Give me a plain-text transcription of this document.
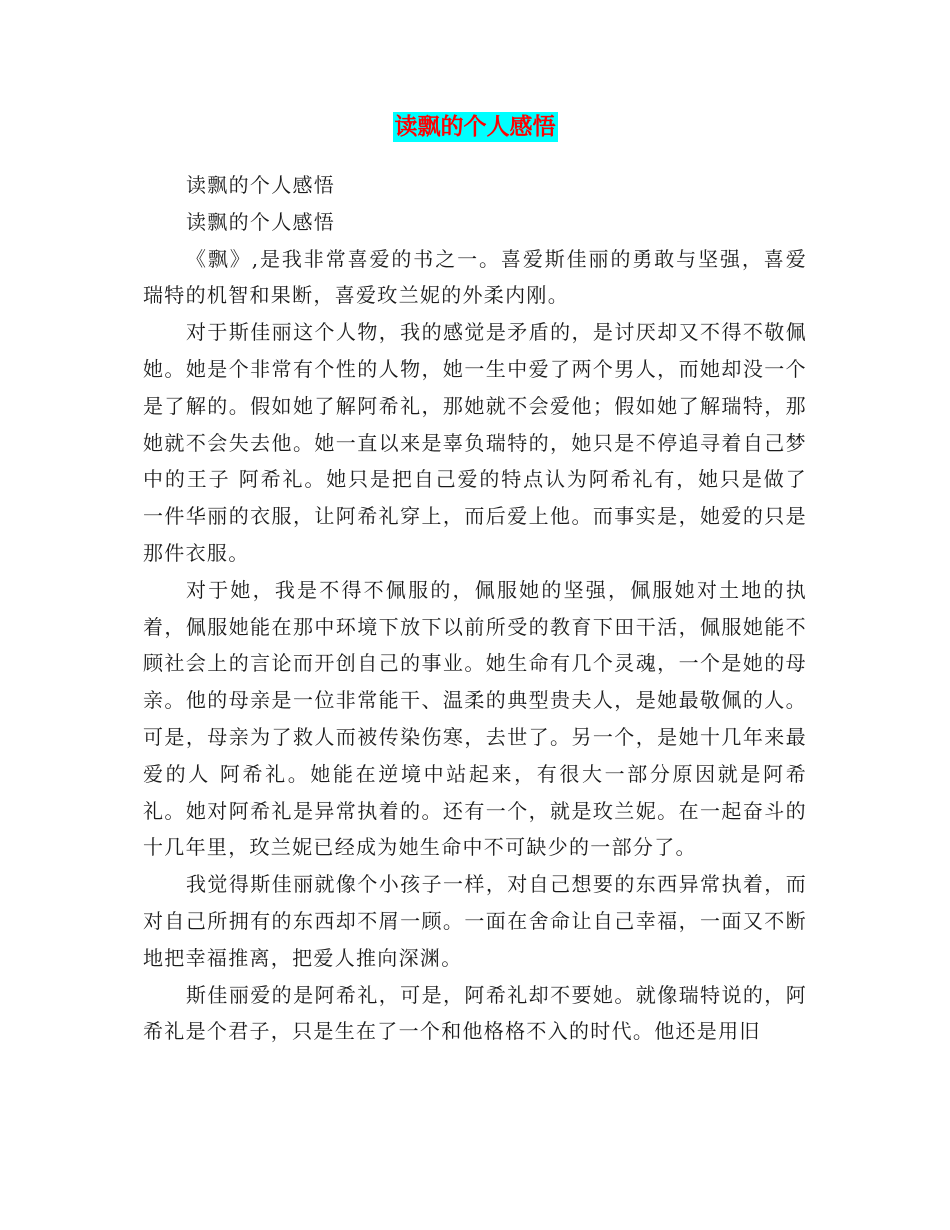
读飘的个人感悟

读飘的个人感悟

读飘的个人感悟

《飘》,是我非常喜爱的书之一。喜爱斯佳丽的勇敢与坚强，喜爱瑞特的机智和果断，喜爱玫兰妮的外柔内刚。

对于斯佳丽这个人物，我的感觉是矛盾的，是讨厌却又不得不敬佩她。她是个非常有个性的人物，她一生中爱了两个男人，而她却没一个是了解的。假如她了解阿希礼，那她就不会爱他；假如她了解瑞特，那她就不会失去他。她一直以来是辜负瑞特的，她只是不停追寻着自己梦中的王子 阿希礼。她只是把自己爱的特点认为阿希礼有，她只是做了一件华丽的衣服，让阿希礼穿上，而后爱上他。而事实是，她爱的只是那件衣服。

对于她，我是不得不佩服的，佩服她的坚强，佩服她对土地的执着，佩服她能在那中环境下放下以前所受的教育下田干活，佩服她能不顾社会上的言论而开创自己的事业。她生命有几个灵魂，一个是她的母亲。他的母亲是一位非常能干、温柔的典型贵夫人，是她最敬佩的人。可是，母亲为了救人而被传染伤寒，去世了。另一个，是她十几年来最爱的人 阿希礼。她能在逆境中站起来，有很大一部分原因就是阿希礼。她对阿希礼是异常执着的。还有一个，就是玫兰妮。在一起奋斗的十几年里，玫兰妮已经成为她生命中不可缺少的一部分了。

我觉得斯佳丽就像个小孩子一样，对自己想要的东西异常执着，而对自己所拥有的东西却不屑一顾。一面在舍命让自己幸福，一面又不断地把幸福推离，把爱人推向深渊。

斯佳丽爱的是阿希礼，可是，阿希礼却不要她。就像瑞特说的，阿希礼是个君子，只是生在了一个和他格格不入的时代。他还是用旧
